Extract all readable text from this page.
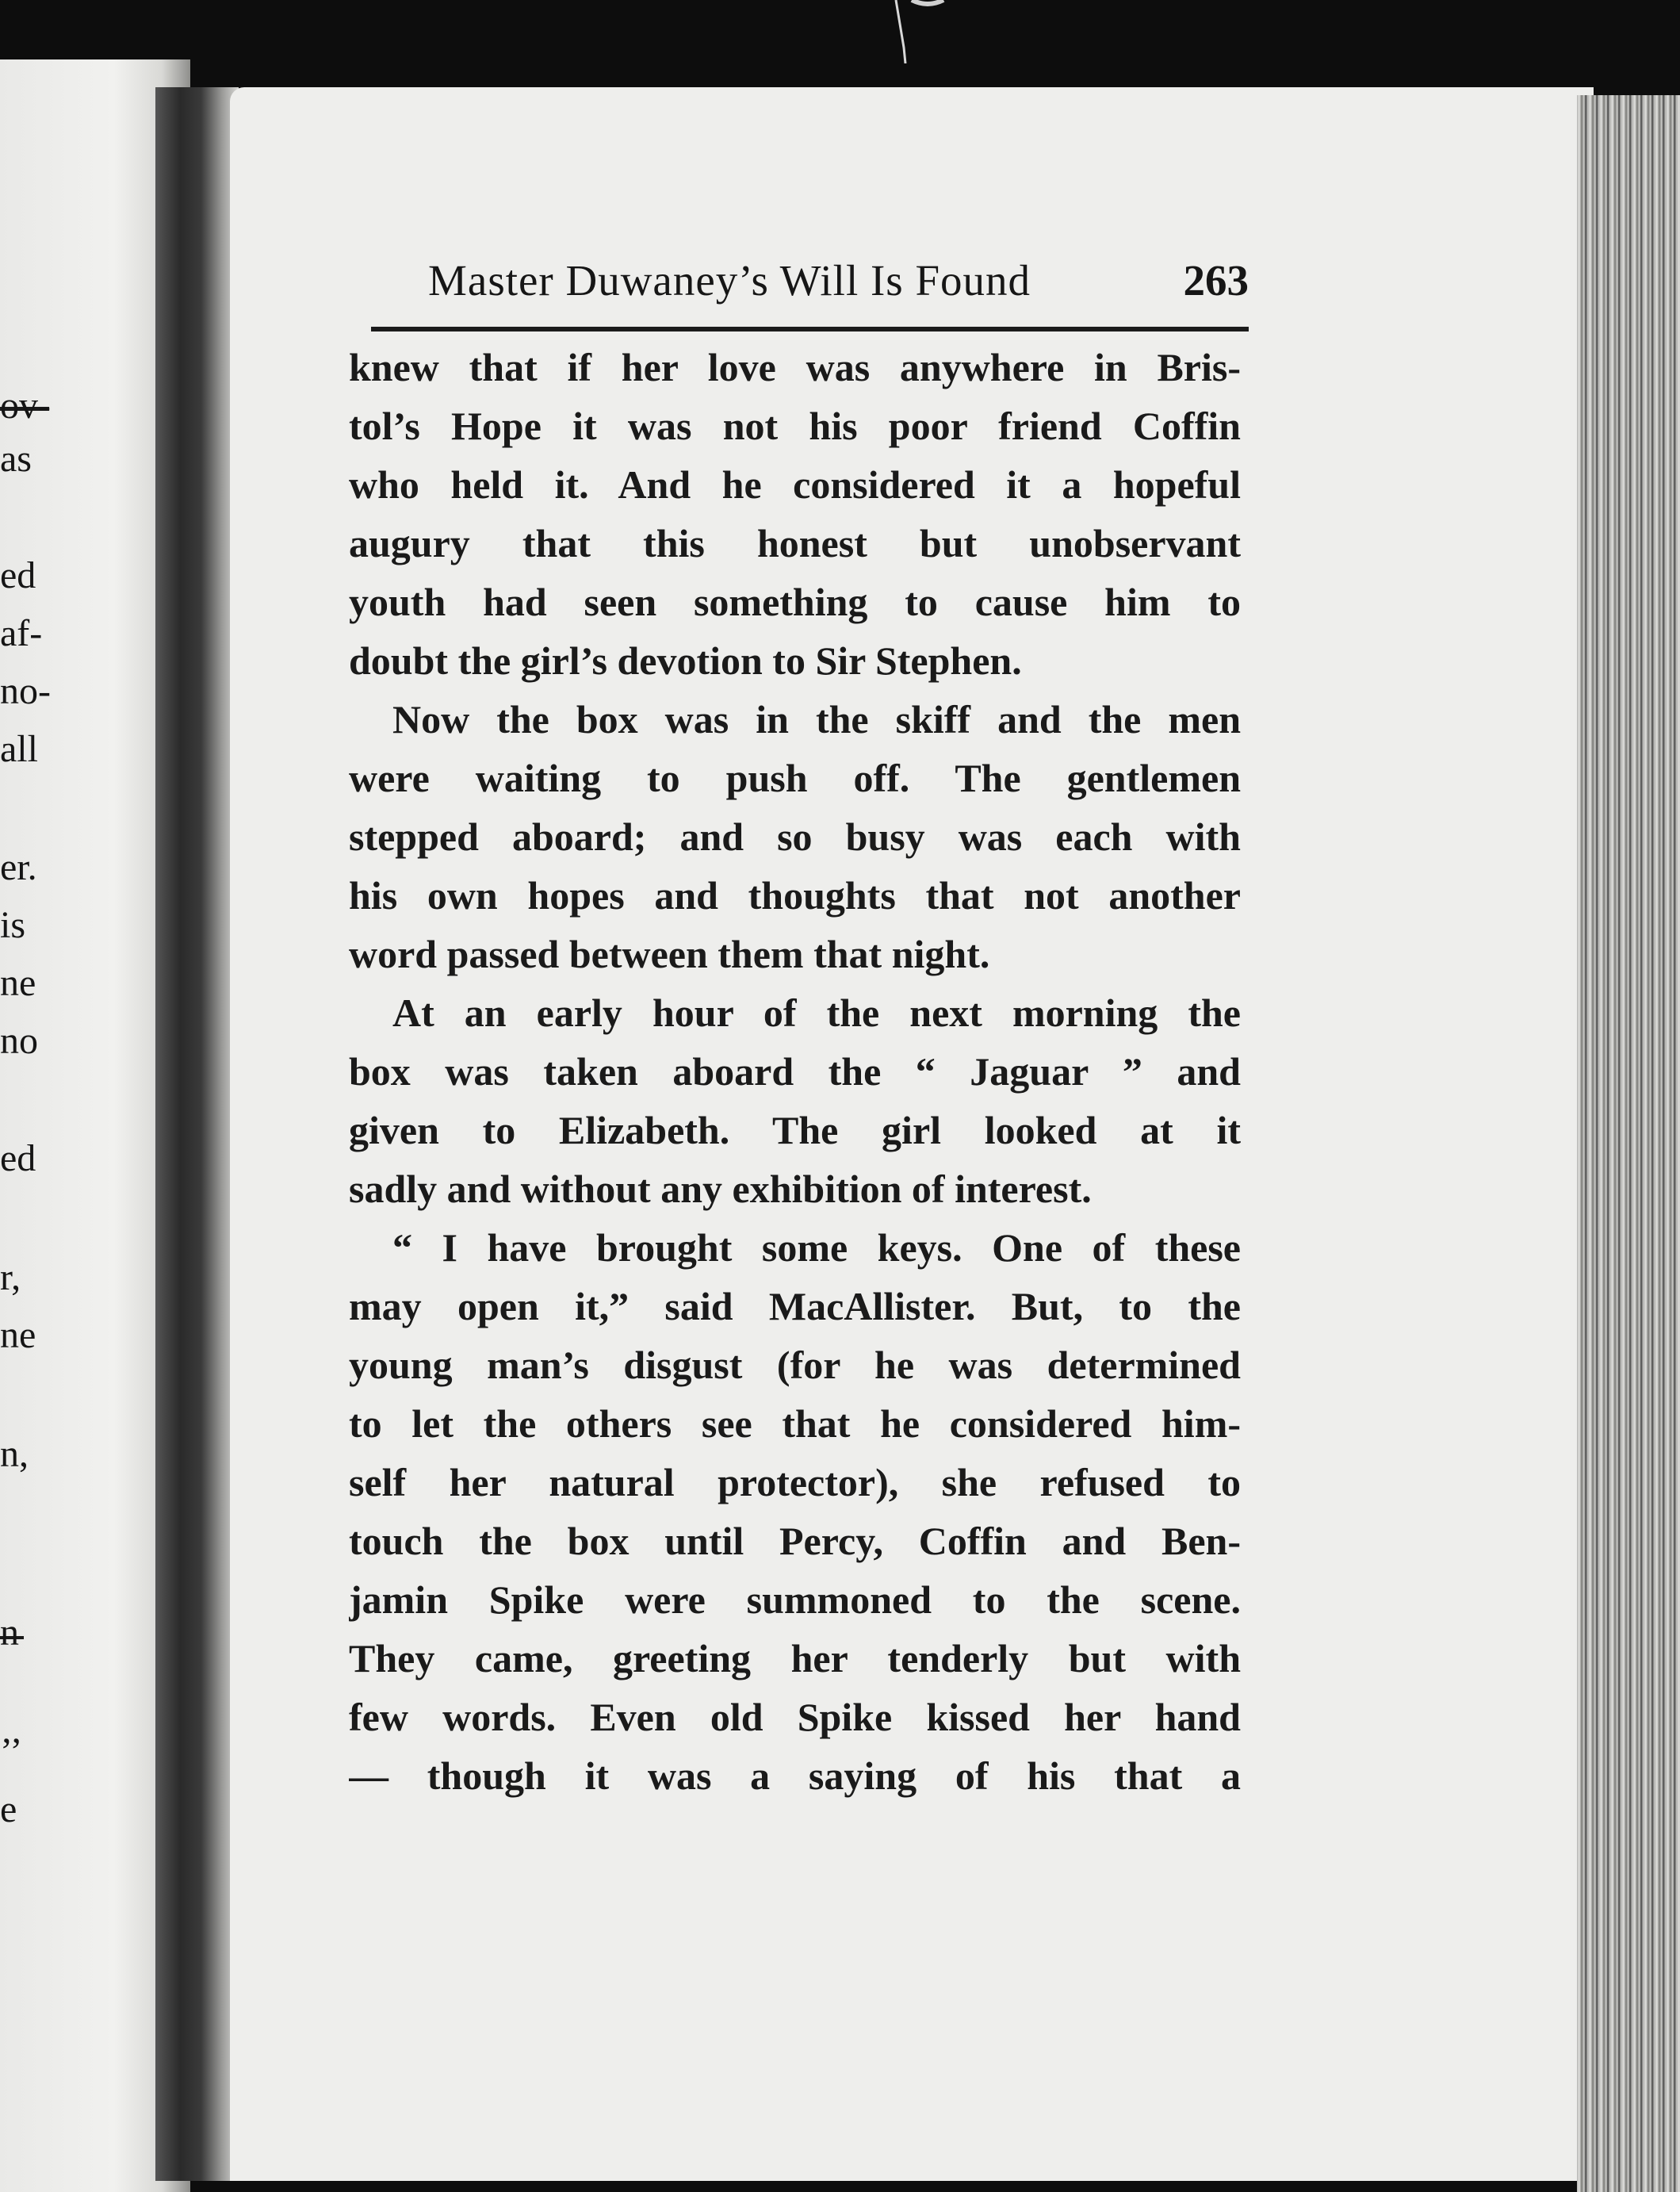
ov-
as
ed
af-
no-
all
er.
is
ne
no
ed
r,
ne
n,
n
’’
e
Master Duwaney’s Will Is Found	263
knew that if her love was anywhere in Bris-
tol’s Hope it was not his poor friend Coffin
who held it. And he considered it a hopeful
augury that this honest but unobservant
youth had seen something to cause him to
doubt the girl’s devotion to Sir Stephen.
Now the box was in the skiff and the men
were waiting to push off. The gentlemen
stepped aboard; and so busy was each with
his own hopes and thoughts that not another
word passed between them that night.
At an early hour of the next morning the
box was taken aboard the “ Jaguar ” and
given to Elizabeth. The girl looked at it
sadly and without any exhibition of interest.
“ I have brought some keys. One of these
may open it,” said MacAllister. But, to the
young man’s disgust (for he was determined
to let the others see that he considered him-
self her natural protector), she refused to
touch the box until Percy, Coffin and Ben-
jamin Spike were summoned to the scene.
They came, greeting her tenderly but with
few words. Even old Spike kissed her hand
— though it was a saying of his that a
